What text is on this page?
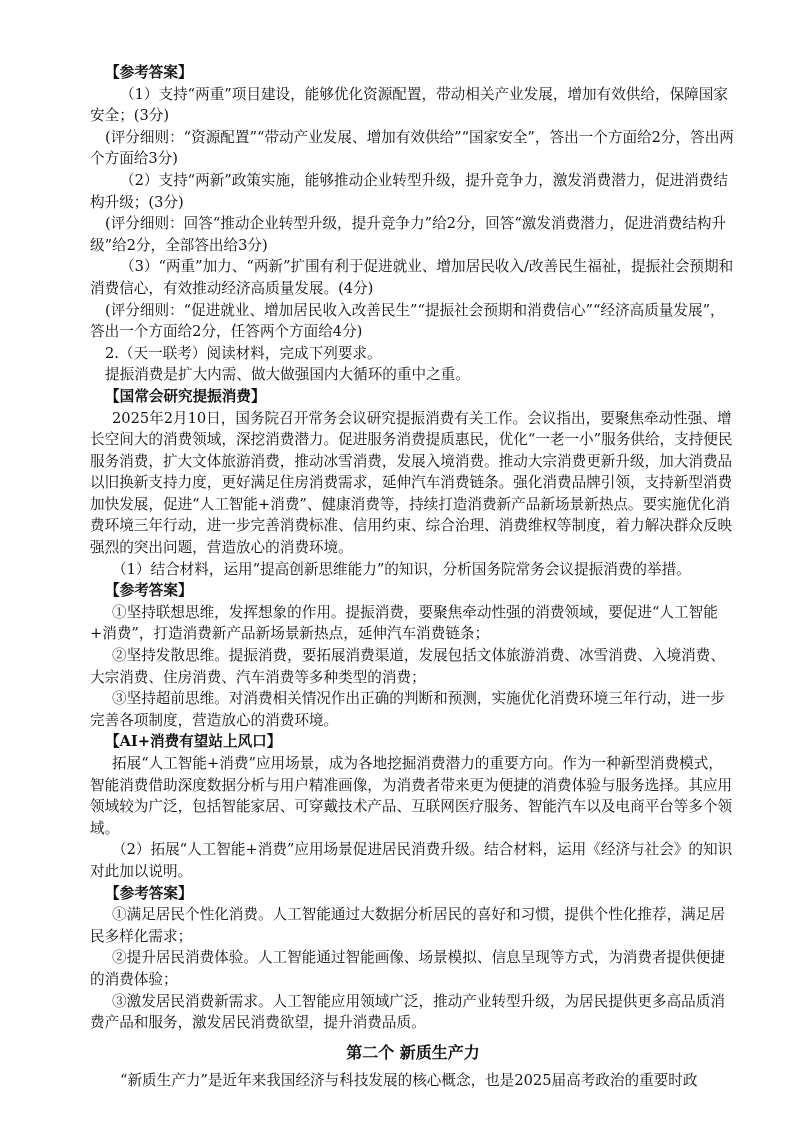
【参考答案】

（1）支持“两重”项目建设，能够优化资源配置，带动相关产业发展，增加有效供给，保障国家安全；(3分)

(评分细则：“资源配置”“带动产业发展、增加有效供给”“国家安全”，答出一个方面给2分，答出两个方面给3分)

（2）支持“两新”政策实施，能够推动企业转型升级，提升竞争力，激发消费潜力，促进消费结构升级；(3分)

(评分细则：回答“推动企业转型升级，提升竞争力”给2分，回答“激发消费潜力，促进消费结构升级”给2分，全部答出给3分)

（3）“两重”加力、“两新”扩围有利于促进就业、增加居民收入/改善民生福祉，提振社会预期和消费信心，有效推动经济高质量发展。(4分)

(评分细则：“促进就业、增加居民收入改善民生”“提振社会预期和消费信心”“经济高质量发展”，答出一个方面给2分，任答两个方面给4分)

2.（天一联考）阅读材料，完成下列要求。

提振消费是扩大内需、做大做强国内大循环的重中之重。

【国常会研究提振消费】

2025年2月10日，国务院召开常务会议研究提振消费有关工作。会议指出，要聚焦牵动性强、增长空间大的消费领域，深挖消费潜力。促进服务消费提质惠民，优化“一老一小”服务供给，支持便民服务消费，扩大文体旅游消费，推动冰雪消费，发展入境消费。推动大宗消费更新升级，加大消费品以旧换新支持力度，更好满足住房消费需求，延伸汽车消费链条。强化消费品牌引领，支持新型消费加快发展，促进“人工智能+消费”、健康消费等，持续打造消费新产品新场景新热点。要实施优化消费环境三年行动，进一步完善消费标准、信用约束、综合治理、消费维权等制度，着力解决群众反映强烈的突出问题，营造放心的消费环境。

（1）结合材料，运用“提高创新思维能力”的知识，分析国务院常务会议提振消费的举措。

【参考答案】

①坚持联想思维，发挥想象的作用。提振消费，要聚焦牵动性强的消费领域，要促进“人工智能+消费”，打造消费新产品新场景新热点，延伸汽车消费链条；

②坚持发散思维。提振消费，要拓展消费渠道，发展包括文体旅游消费、冰雪消费、入境消费、大宗消费、住房消费、汽车消费等多种类型的消费；

③坚持超前思维。对消费相关情况作出正确的判断和预测，实施优化消费环境三年行动，进一步完善各项制度，营造放心的消费环境。

【AI+消费有望站上风口】

拓展“人工智能+消费”应用场景，成为各地挖掘消费潜力的重要方向。作为一种新型消费模式，智能消费借助深度数据分析与用户精准画像，为消费者带来更为便捷的消费体验与服务选择。其应用领域较为广泛，包括智能家居、可穿戴技术产品、互联网医疗服务、智能汽车以及电商平台等多个领域。

（2）拓展“人工智能+消费”应用场景促进居民消费升级。结合材料，运用《经济与社会》的知识对此加以说明。

【参考答案】

①满足居民个性化消费。人工智能通过大数据分析居民的喜好和习惯，提供个性化推荐，满足居民多样化需求；

②提升居民消费体验。人工智能通过智能画像、场景模拟、信息呈现等方式，为消费者提供便捷的消费体验；

③激发居民消费新需求。人工智能应用领域广泛，推动产业转型升级，为居民提供更多高品质消费产品和服务，激发居民消费欲望，提升消费品质。

第二个 新质生产力

“新质生产力”是近年来我国经济与科技发展的核心概念，也是2025届高考政治的重要时政
